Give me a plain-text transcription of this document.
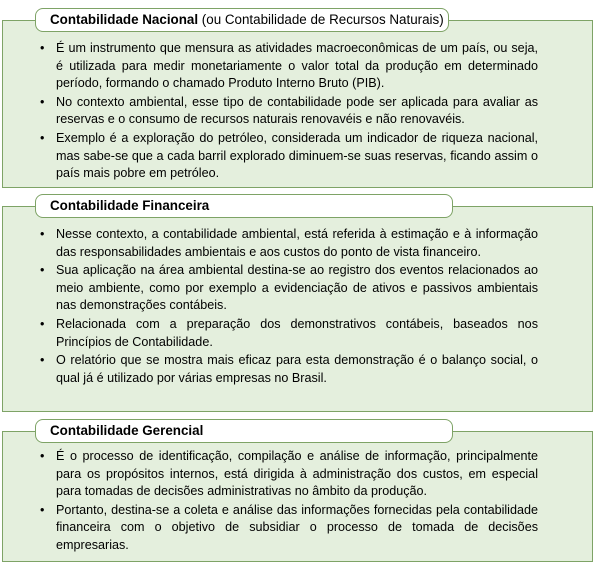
Contabilidade Nacional (ou Contabilidade de Recursos Naturais)
• É um instrumento que mensura as atividades macroeconômicas de um país, ou seja, é utilizada para medir monetariamente o valor total da produção em determinado período, formando o chamado Produto Interno Bruto (PIB).
• No contexto ambiental, esse tipo de contabilidade pode ser aplicada para avaliar as reservas e o consumo de recursos naturais renovavéis e não renovavéis.
• Exemplo é a exploração do petróleo, considerada um indicador de riqueza nacional, mas sabe-se que a cada barril explorado diminuem-se suas reservas, ficando assim o país mais pobre em petróleo.
Contabilidade Financeira
• Nesse contexto, a contabilidade ambiental, está referida à estimação e à informação das responsabilidades ambientais e aos custos do ponto de vista financeiro.
• Sua aplicação na área ambiental destina-se ao registro dos eventos relacionados ao meio ambiente, como por exemplo a evidenciação de ativos e passivos ambientais nas demonstrações contábeis.
• Relacionada com a preparação dos demonstrativos contábeis, baseados nos Princípios de Contabilidade.
• O relatório que se mostra mais eficaz para esta demonstração é o balanço social, o qual já é utilizado por várias empresas no Brasil.
Contabilidade Gerencial
• É o processo de identificação, compilação e análise de informação, principalmente para os propósitos internos, está dirigida à administração dos custos, em especial para tomadas de decisões administrativas no âmbito da produção.
• Portanto, destina-se a coleta e análise das informações fornecidas pela contabilidade financeira com o objetivo de subsidiar o processo de tomada de decisões empresarias.
